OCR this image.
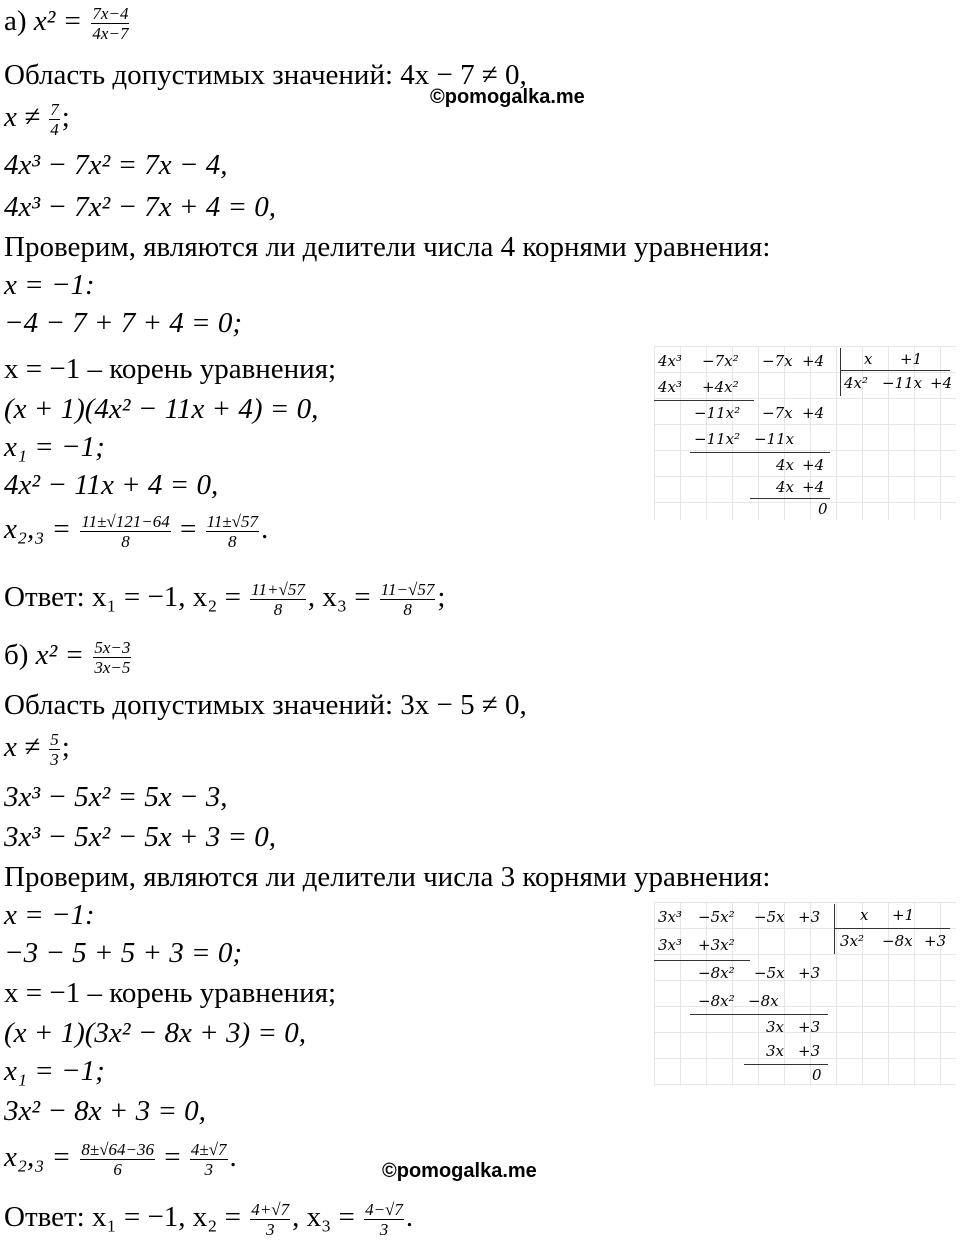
а) $x^2 = \frac{7x-4}{4x-7}$
Область допустимых значений: 4x − 7 ≠ 0,
©pomogalka.me
$x \ne \frac{7}{4}$ ;
4x³ − 7x² = 7x − 4,
4x³ − 7x² − 7x + 4 = 0,
Проверим, являются ли делители числа 4 корнями уравнения:
x = −1:
−4 − 7 + 7 + 4 = 0;
x = −1 – корень уравнения;
(x + 1)(4x² − 11x + 4) = 0,
x₁ = −1;
4x² − 11x + 4 = 0,
$x_2,_3 = \frac{11\pm√121-64}{8} = \frac{11\pm√57}{8}$ .
Ответ: x₁ = −1, $x_2 = \frac{11+√57}{8}$ , $x_3 = \frac{11-√57}{8}$ ;
4x³ −7x² −7x +4	x +1
4x² −11x +4
4x³ +4x²
−11x² −7x +4
−11x² −11x
4x +4
4x +4
0
б) $x^2 = \frac{5x-3}{3x-5}$
Область допустимых значений: 3x − 5 ≠ 0,
$x \ne \frac{5}{3}$ ;
3x³ − 5x² = 5x − 3,
3x³ − 5x² − 5x + 3 = 0,
Проверим, являются ли делители числа 3 корнями уравнения:
x = −1:
−3 − 5 + 5 + 3 = 0;
x = −1 – корень уравнения;
(x + 1)(3x² − 8x + 3) = 0,
x₁ = −1;
3x² − 8x + 3 = 0,
$x_2,_3 = \frac{8\pm√64-36}{6} = \frac{4\pm√7}{3}$ .	©pomogalka.me
Ответ: x₁ = −1, $x_2 = \frac{4+√7}{3}$ , $x_3 = \frac{4-√7}{3}$ .
3x³ −5x² −5x +3	x +1
3x² −8x +3
3x³ +3x²
−8x² −5x +3
−8x² −8x
3x +3
3x +3
0
